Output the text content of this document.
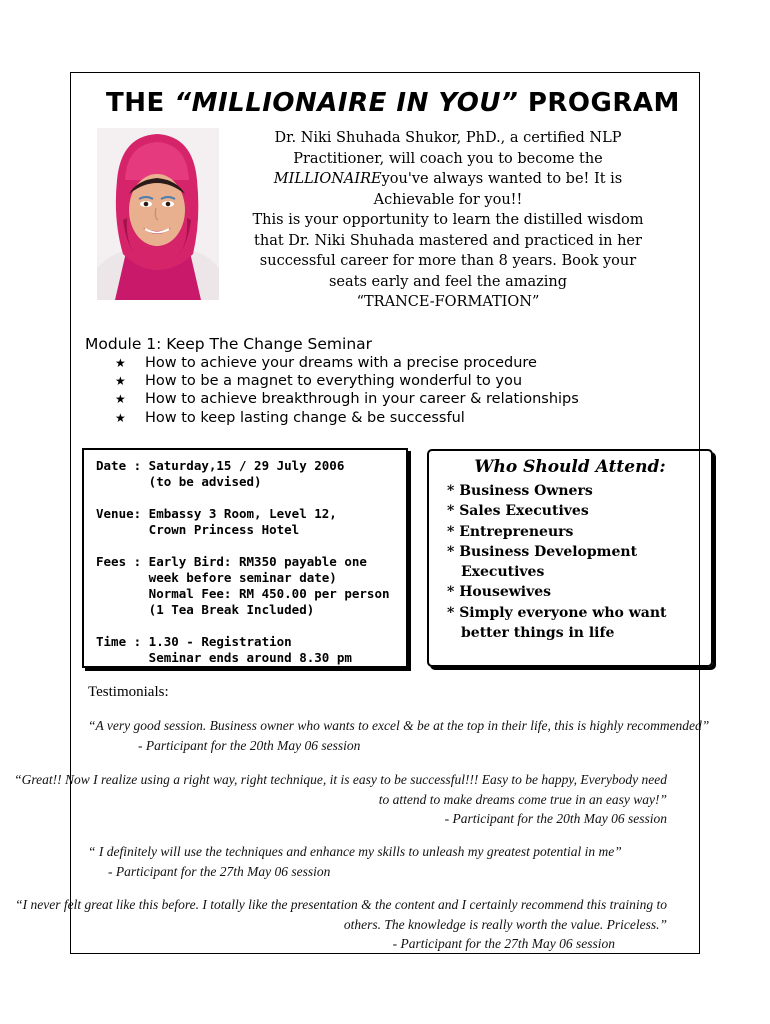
THE “MILLIONAIRE IN YOU” PROGRAM
Dr. Niki Shuhada Shukor, PhD., a certified NLP
Practitioner, will coach you to become the
MILLIONAIREyou've always wanted to be! It is
Achievable for you!!
This is your opportunity to learn the distilled wisdom
that Dr. Niki Shuhada mastered and practiced in her
successful career for more than 8 years. Book your
seats early and feel the amazing
“TRANCE-FORMATION”
Module 1: Keep The Change Seminar
★	How to achieve your dreams with a precise procedure
★	How to be a magnet to everything wonderful to you
★	How to achieve breakthrough in your career & relationships
★	How to keep lasting change & be successful
Date : Saturday,15 / 29 July 2006
(to be advised)
Venue: Embassy 3 Room, Level 12,
Crown Princess Hotel
Fees : Early Bird: RM350 payable one
week before seminar date)
Normal Fee: RM 450.00 per person
(1 Tea Break Included)
Time : 1.30 - Registration
Seminar ends around 8.30 pm
Who Should Attend:
* Business Owners
* Sales Executives
* Entrepreneurs
* Business Development
Executives
* Housewives
* Simply everyone who want
better things in life
Testimonials:
“A very good session. Business owner who wants to excel & be at the top in their life, this is highly recommended”
- Participant for the 20th May 06 session
“Great!! Now I realize using a right way, right technique, it is easy to be successful!!! Easy to be happy, Everybody need
to attend to make dreams come true in an easy way!”
- Participant for the 20th May 06 session
“ I definitely will use the techniques and enhance my skills to unleash my greatest potential in me”
- Participant for the 27th May 06 session
“I never felt great like this before. I totally like the presentation & the content and I certainly recommend this training to
others. The knowledge is really worth the value. Priceless.”
- Participant for the 27th May 06 session
